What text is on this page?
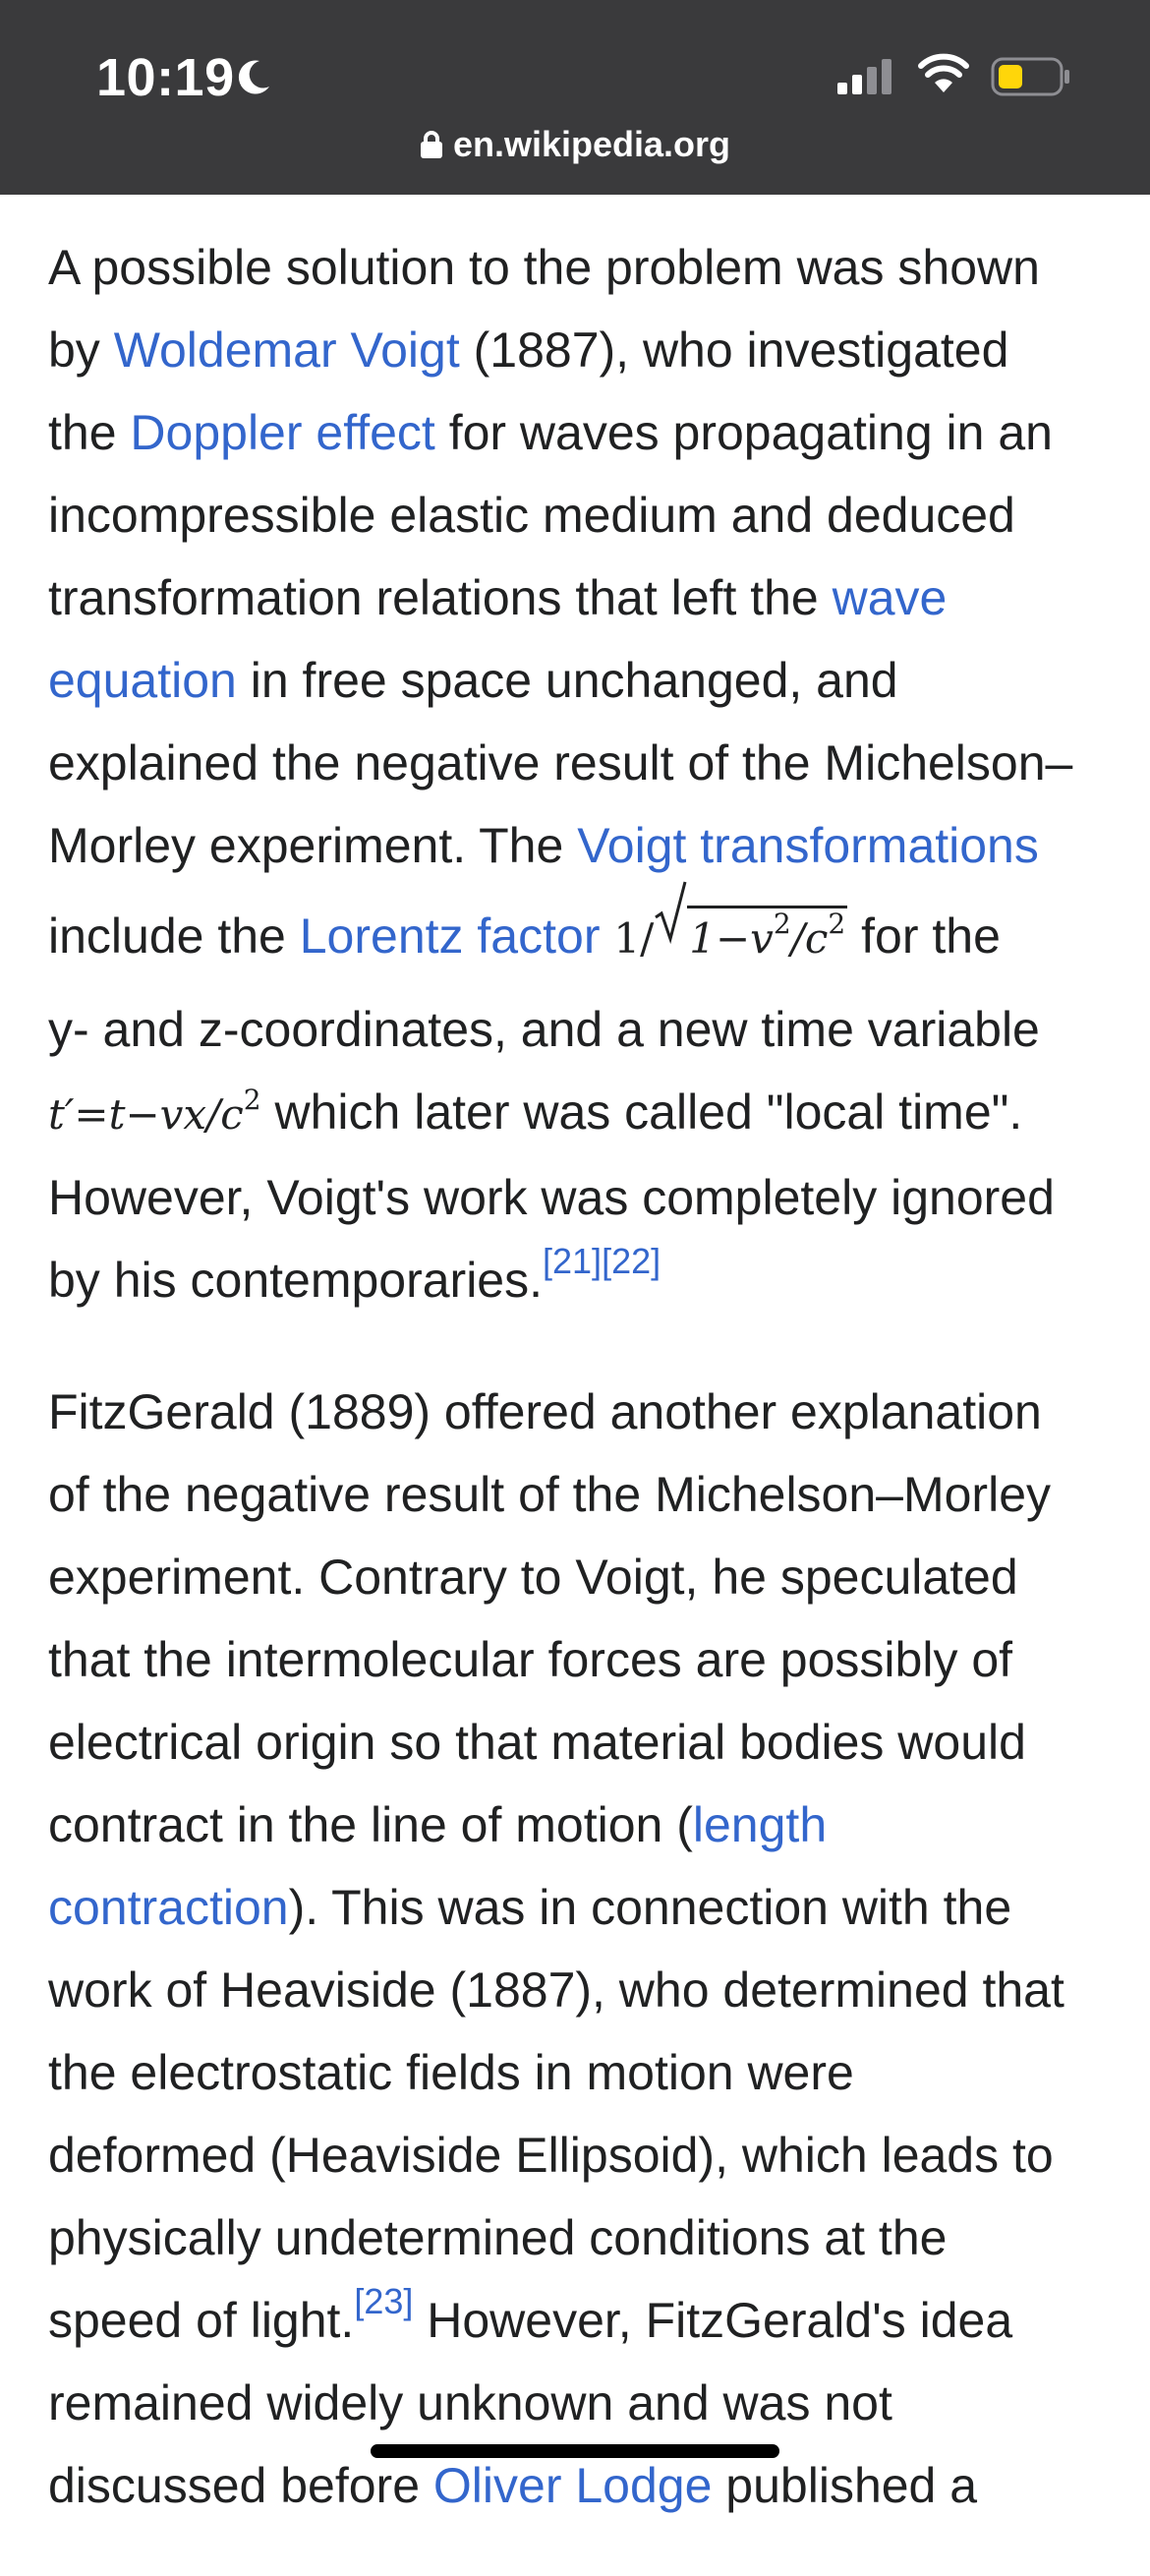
10:19
en.wikipedia.org

A possible solution to the problem was shown
by Woldemar Voigt (1887), who investigated
the Doppler effect for waves propagating in an
incompressible elastic medium and deduced
transformation relations that left the wave
equation in free space unchanged, and
explained the negative result of the Michelson–
Morley experiment. The Voigt transformations
include the Lorentz factor 1/ $1-v^2/c^2$ for the
y- and z-coordinates, and a new time variable
$t'=t-vx/c^2$ which later was called "local time".
However, Voigt's work was completely ignored
by his contemporaries.[21][22]

FitzGerald (1889) offered another explanation
of the negative result of the Michelson–Morley
experiment. Contrary to Voigt, he speculated
that the intermolecular forces are possibly of
electrical origin so that material bodies would
contract in the line of motion (length
contraction). This was in connection with the
work of Heaviside (1887), who determined that
the electrostatic fields in motion were
deformed (Heaviside Ellipsoid), which leads to
physically undetermined conditions at the
speed of light.[23] However, FitzGerald's idea
remained widely unknown and was not
discussed before Oliver Lodge published a
